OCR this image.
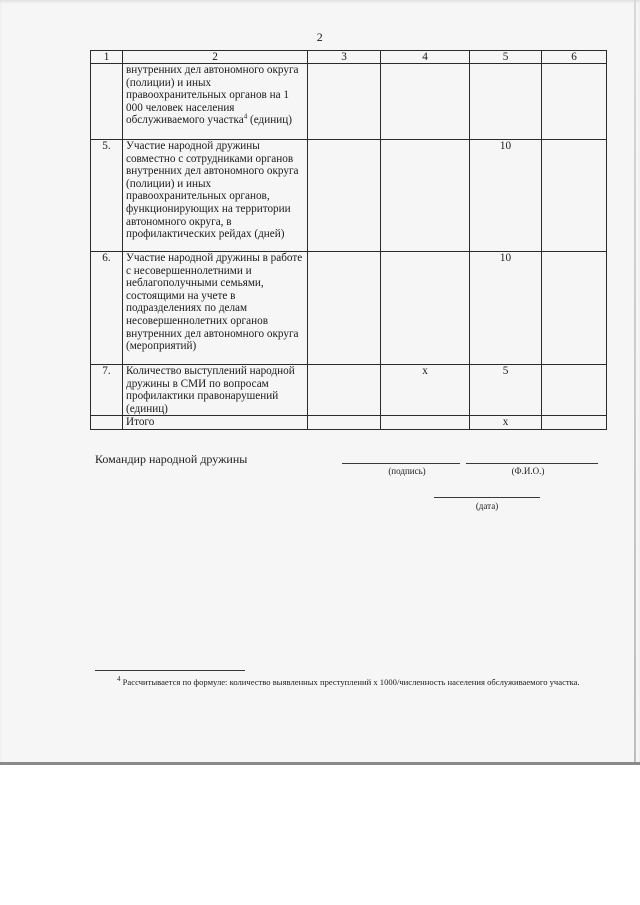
2
1	2	3	4	5	6
	внутренних дел автономного округа (полиции) и иных правоохранительных органов на 1 000 человек населения обслуживаемого участка$^4$ (единиц)				
5.	Участие народной дружины совместно с сотрудниками органов внутренних дел автономного округа (полиции) и иных правоохранительных органов, функционирующих на территории автономного округа, в профилактических рейдах (дней)			10	
6.	Участие народной дружины в работе с несовершеннолетними и неблагополучными семьями, состоящими на учете в подразделениях по делам несовершеннолетних органов внутренних дел автономного округа (мероприятий)			10	
7.	Количество выступлений народной дружины в СМИ по вопросам профилактики правонарушений (единиц)		x	5	
	Итого			x	
Командир народной дружины
(подпись)	(Ф.И.О.)
(дата)
$^4$ Рассчитывается по формуле: количество выявленных преступлений х 1000/численность населения обслуживаемого участка.
